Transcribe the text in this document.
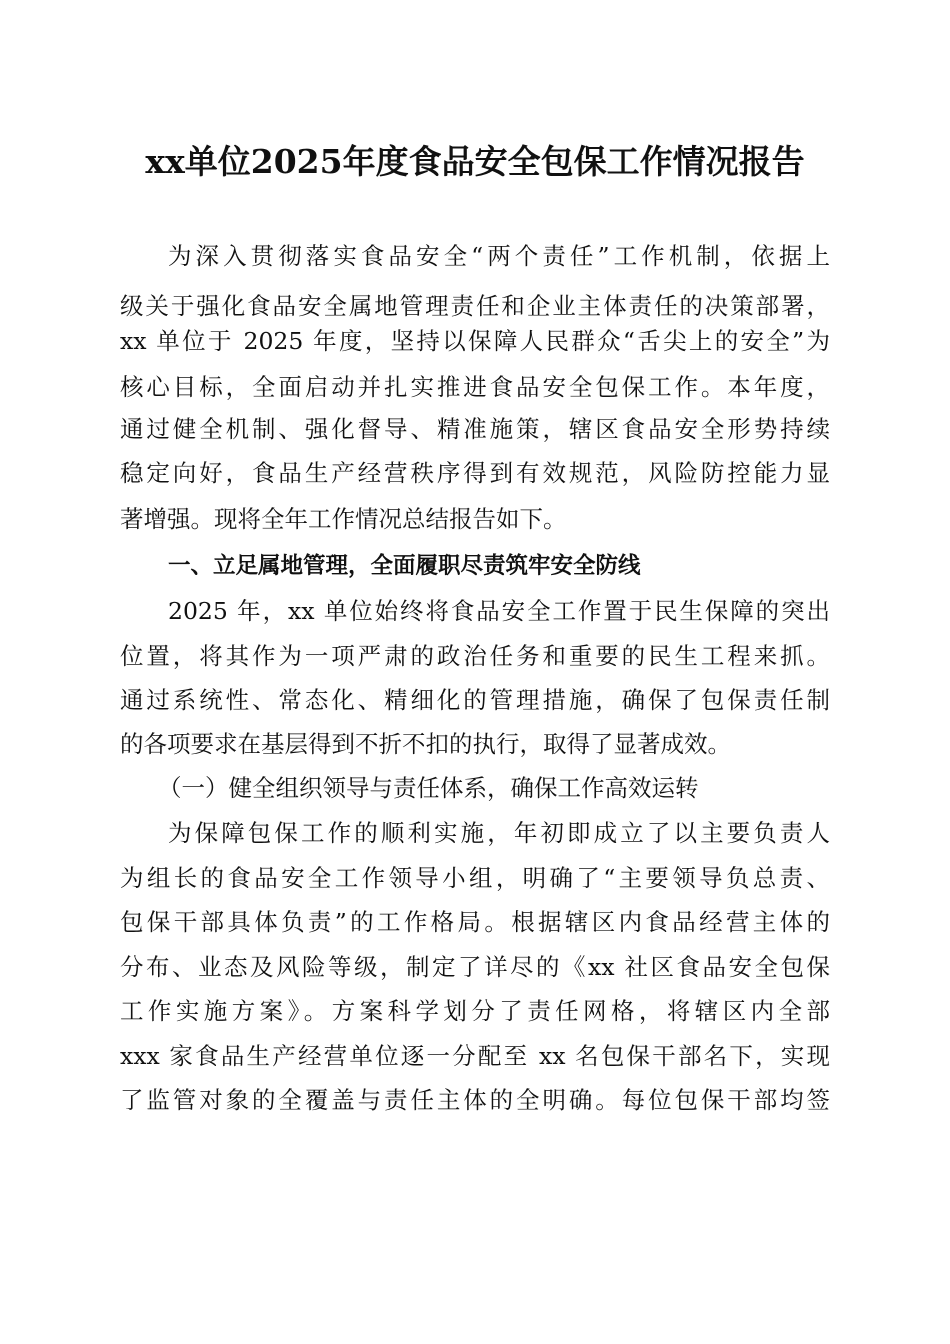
xx单位2025年度食品安全包保工作情况报告
为深入贯彻落实食品安全“两个责任”工作机制，依据上
级关于强化食品安全属地管理责任和企业主体责任的决策部署，
xx 单位于 2025 年度，坚持以保障人民群众“舌尖上的安全”为
核心目标，全面启动并扎实推进食品安全包保工作。本年度，
通过健全机制、强化督导、精准施策，辖区食品安全形势持续
稳定向好，食品生产经营秩序得到有效规范，风险防控能力显
著增强。现将全年工作情况总结报告如下。
一、立足属地管理，全面履职尽责筑牢安全防线
2025 年，xx 单位始终将食品安全工作置于民生保障的突出
位置，将其作为一项严肃的政治任务和重要的民生工程来抓。
通过系统性、常态化、精细化的管理措施，确保了包保责任制
的各项要求在基层得到不折不扣的执行，取得了显著成效。
（一）健全组织领导与责任体系，确保工作高效运转
为保障包保工作的顺利实施，年初即成立了以主要负责人
为组长的食品安全工作领导小组，明确了“主要领导负总责、
包保干部具体负责”的工作格局。根据辖区内食品经营主体的
分布、业态及风险等级，制定了详尽的《xx 社区食品安全包保
工作实施方案》。方案科学划分了责任网格，将辖区内全部
xxx 家食品生产经营单位逐一分配至 xx 名包保干部名下，实现
了监管对象的全覆盖与责任主体的全明确。每位包保干部均签
